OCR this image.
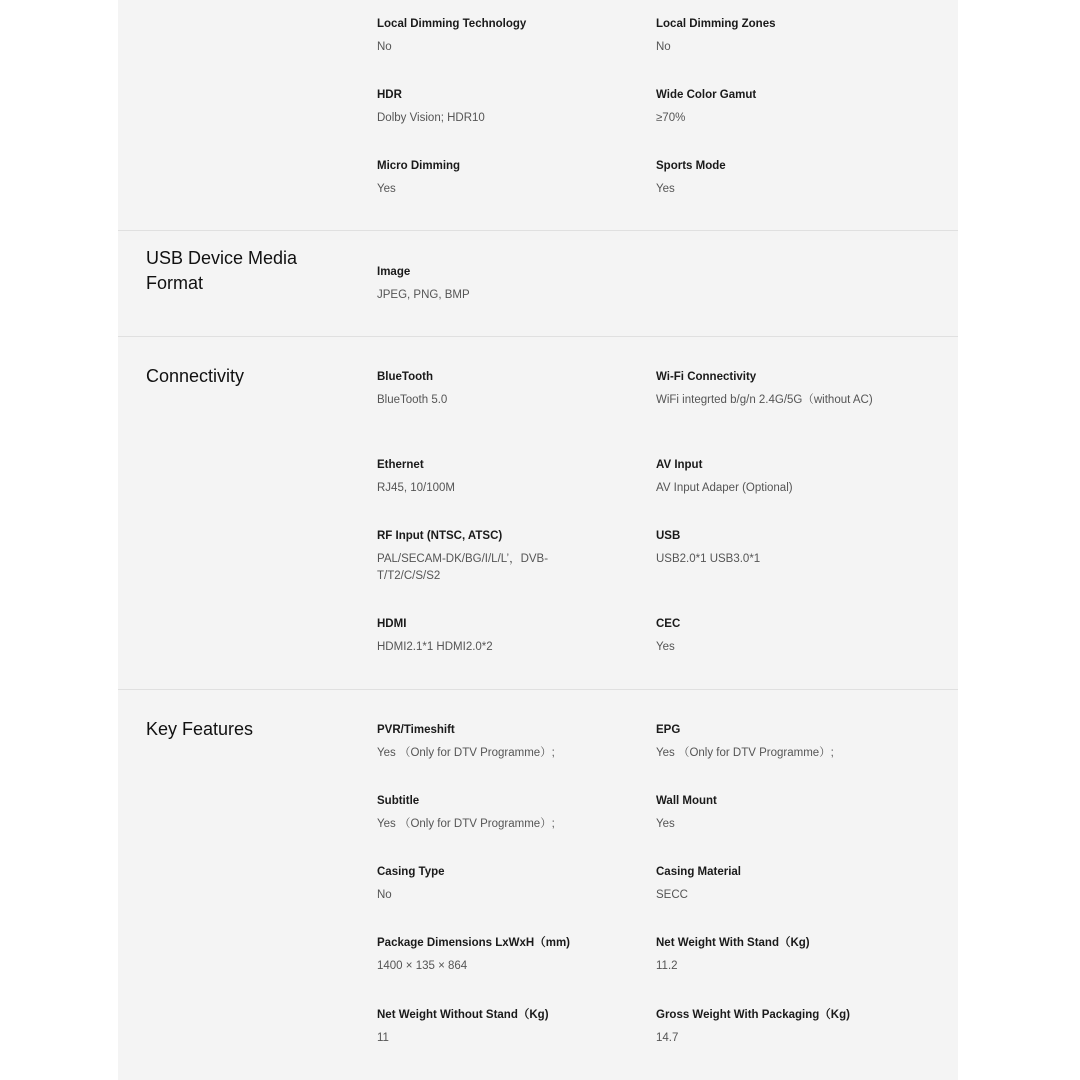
Local Dimming Technology
No
Local Dimming Zones
No
HDR
Dolby Vision; HDR10
Wide Color Gamut
≥70%
Micro Dimming
Yes
Sports Mode
Yes
USB Device Media Format
Image
JPEG, PNG, BMP
Connectivity	BlueTooth
BlueTooth 5.0
Wi-Fi Connectivity
WiFi integrted b/g/n 2.4G/5G（without AC)
Ethernet
RJ45, 10/100M
AV Input
AV Input Adaper (Optional)
RF Input (NTSC, ATSC)
PAL/SECAM-DK/BG/I/L/L’，DVB-T/T2/C/S/S2
USB
USB2.0*1 USB3.0*1
HDMI
HDMI2.1*1 HDMI2.0*2
CEC
Yes
Key Features	PVR/Timeshift
Yes （Only for DTV Programme）;
EPG
Yes （Only for DTV Programme）;
Subtitle
Yes （Only for DTV Programme）;
Wall Mount
Yes
Casing Type
No
Casing Material
SECC
Package Dimensions LxWxH（mm)
1400 × 135 × 864
Net Weight With Stand（Kg)
11.2
Net Weight Without Stand（Kg)
11
Gross Weight With Packaging（Kg)
14.7
